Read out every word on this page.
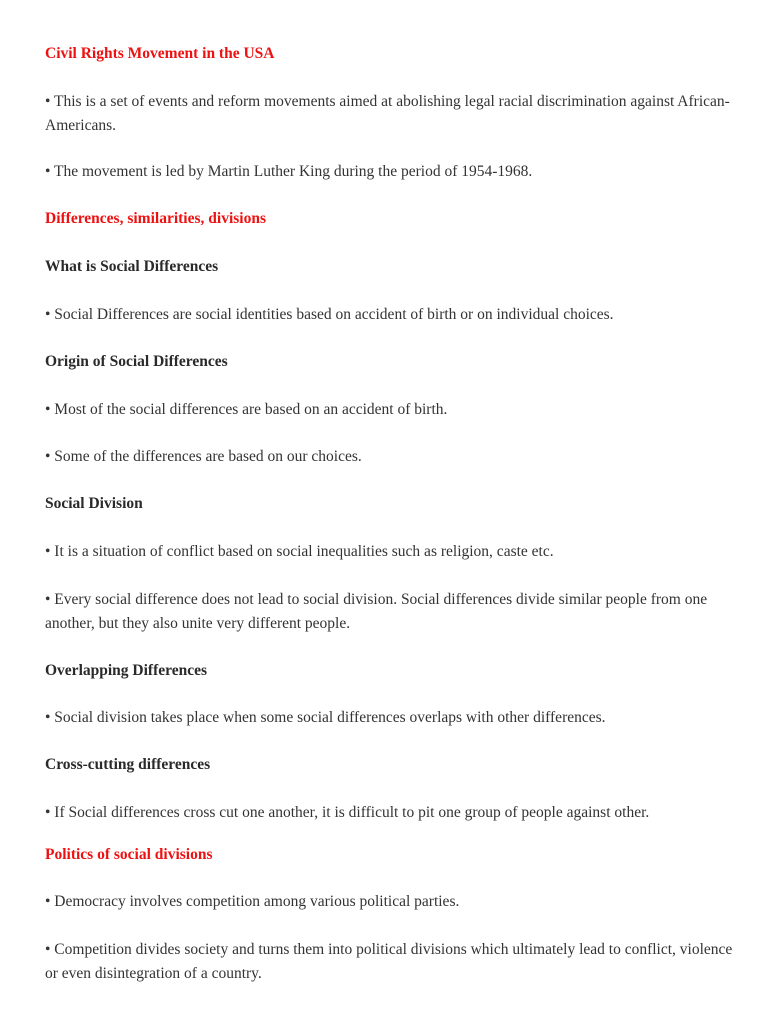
Civil Rights Movement in the USA
• This is a set of events and reform movements aimed at abolishing legal racial discrimination against African-Americans.
• The movement is led by Martin Luther King during the period of 1954-1968.
Differences, similarities, divisions
What is Social Differences
• Social Differences are social identities based on accident of birth or on individual choices.
Origin of Social Differences
• Most of the social differences are based on an accident of birth.
• Some of the differences are based on our choices.
Social Division
• It is a situation of conflict based on social inequalities such as religion, caste etc.
• Every social difference does not lead to social division. Social differences divide similar people from one another, but they also unite very different people.
Overlapping Differences
• Social division takes place when some social differences overlaps with other differences.
Cross-cutting differences
• If Social differences cross cut one another, it is difficult to pit one group of people against other.
Politics of social divisions
• Democracy involves competition among various political parties.
• Competition divides society and turns them into political divisions which ultimately lead to conflict, violence or even disintegration of a country.
